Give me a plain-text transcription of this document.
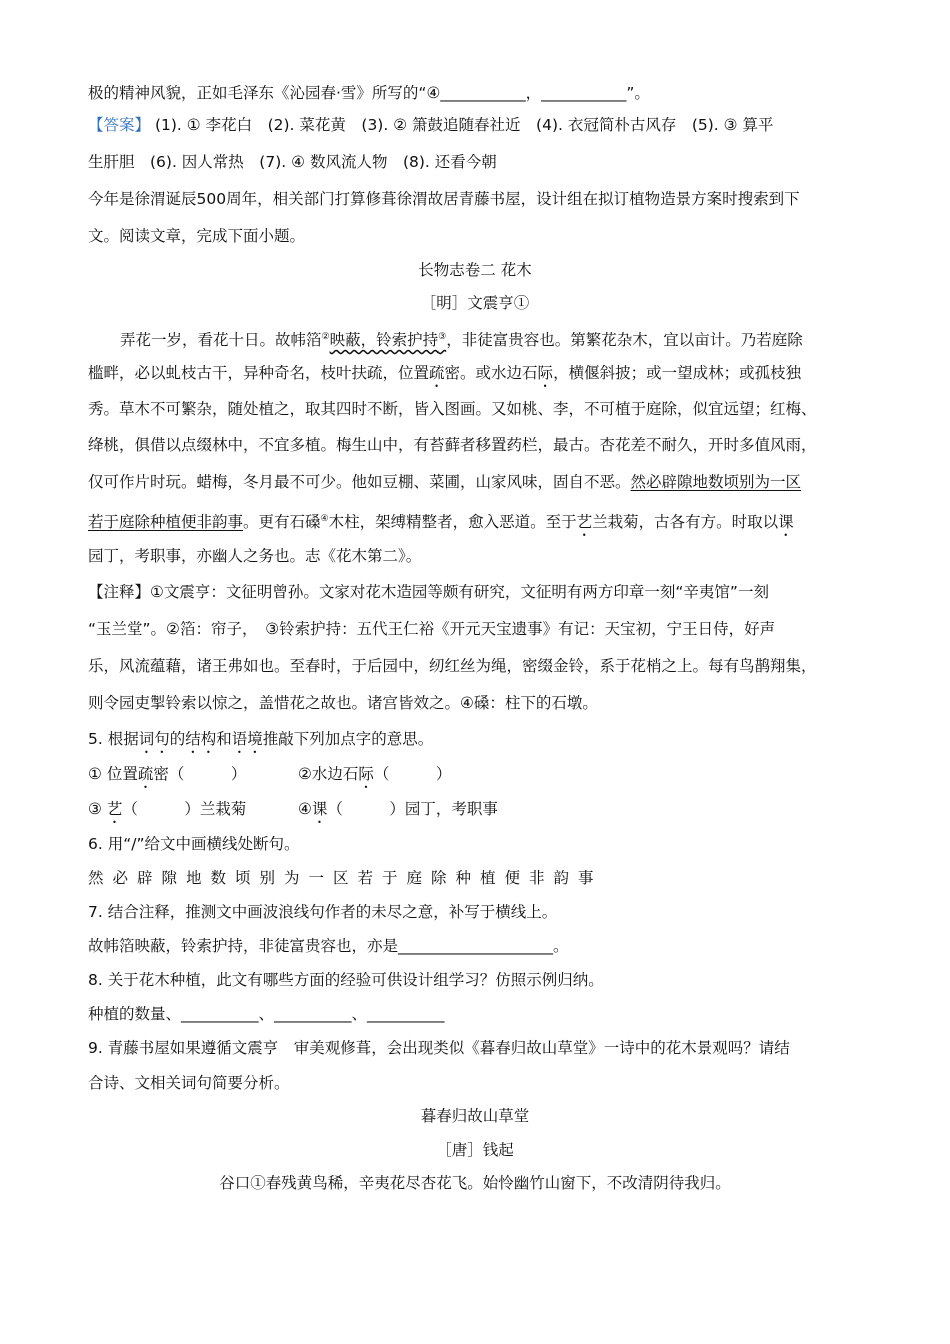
极的精神风貌，正如毛泽东《沁园春·雪》所写的“④___________，___________”。
【答案】 (1). ① 李花白　(2). 菜花黄　(3). ② 箫鼓追随春社近　(4). 衣冠简朴古风存　(5). ③ 算平
生肝胆　(6). 因人常热　(7). ④ 数风流人物　(8). 还看今朝
今年是徐渭诞辰500周年，相关部门打算修葺徐渭故居青藤书屋，设计组在拟订植物造景方案时搜索到下
文。阅读文章，完成下面小题。
长物志卷二 花木
［明］文震亨①
弄花一岁，看花十日。故帏箔②映蔽，铃索护持③，非徒富贵容也。第繁花杂木，宜以亩计。乃若庭除
槛畔，必以虬枝古干，异种奇名，枝叶扶疏，位置疏密。或水边石际，横偃斜披；或一望成林；或孤枝独
秀。草木不可繁杂，随处植之，取其四时不断，皆入图画。又如桃、李，不可植于庭除，似宜远望；红梅、
绛桃，俱借以点缀林中，不宜多植。梅生山中，有苔藓者移置药栏，最古。杏花差不耐久，开时多值风雨，
仅可作片时玩。蜡梅，冬月最不可少。他如豆棚、菜圃，山家风味，固自不恶。然必辟隙地数顷别为一区
若于庭除种植便非韵事。更有石磉④木柱，架缚精整者，愈入恶道。至于艺兰栽菊，古各有方。时取以课
园丁，考职事，亦幽人之务也。志《花木第二》。
【注释】①文震亨：文征明曾孙。文家对花木造园等颇有研究，文征明有两方印章一刻“辛夷馆”一刻
“玉兰堂”。②箔：帘子，　③铃索护持：五代王仁裕《开元天宝遗事》有记：天宝初，宁王日侍，好声
乐，风流蕴藉，诸王弗如也。至春时，于后园中，纫红丝为绳，密缀金铃，系于花梢之上。每有鸟鹊翔集，
则令园吏掣铃索以惊之，盖惜花之故也。诸宫皆效之。④磉：柱下的石墩。
5. 根据词句的结构和语境推敲下列加点字的意思。
① 位置疏密（　　　）	②水边石际（　　　）
③ 艺（　　　）兰栽菊	④课（　　　）园丁，考职事
6. 用“/”给文中画横线处断句。
然必辟隙地数顷别为一区若于庭除种植便非韵事
7. 结合注释，推测文中画波浪线句作者的未尽之意，补写于横线上。
故帏箔映蔽，铃索护持，非徒富贵容也，亦是____________________。
8. 关于花木种植，此文有哪些方面的经验可供设计组学习？仿照示例归纳。
种植的数量、__________、__________、__________
9. 青藤书屋如果遵循文震亨　审美观修葺，会出现类似《暮春归故山草堂》一诗中的花木景观吗？请结
合诗、文相关词句简要分析。
暮春归故山草堂
［唐］钱起
谷口①春残黄鸟稀，辛夷花尽杏花飞。始怜幽竹山窗下，不改清阴待我归。
